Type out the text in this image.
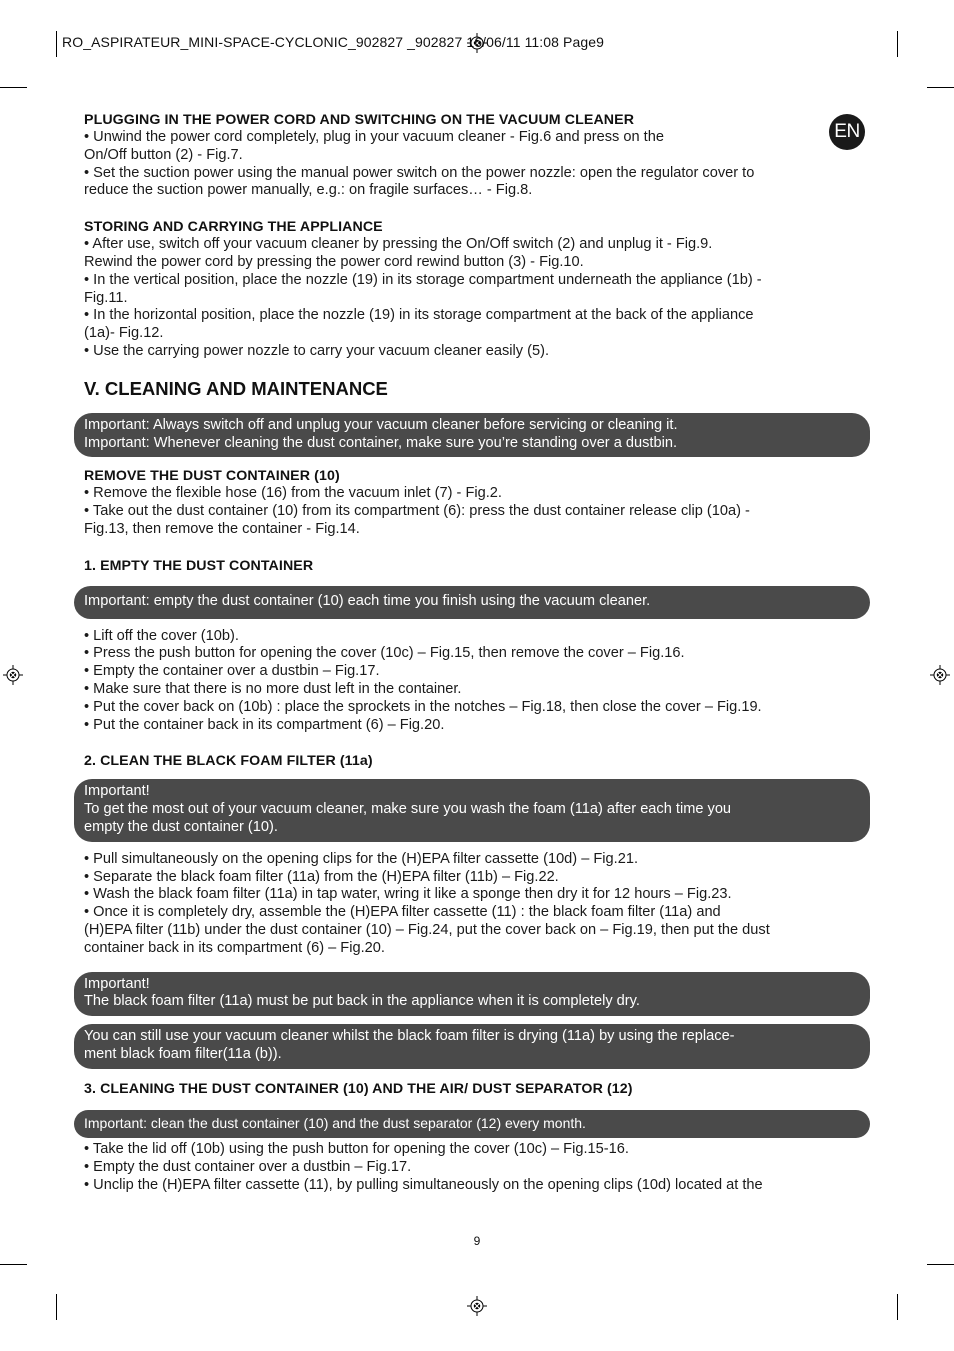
RO_ASPIRATEUR_MINI-SPACE-CYCLONIC_902827 _902827 16/06/11 11:08 Page9
EN

PLUGGING IN THE POWER CORD AND SWITCHING ON THE VACUUM CLEANER

• Unwind the power cord completely, plug in your vacuum cleaner - Fig.6 and press on the

On/Off button (2) - Fig.7.

• Set the suction power using the manual power switch on the power nozzle: open the regulator cover to

reduce the suction power manually, e.g.: on fragile surfaces… - Fig.8.

STORING AND CARRYING THE APPLIANCE

• After use, switch off your vacuum cleaner by pressing the On/Off switch (2) and unplug it - Fig.9.

Rewind the power cord by pressing the power cord rewind button (3) - Fig.10.

• In the vertical position, place the nozzle (19) in its storage compartment underneath the appliance (1b) -

Fig.11.

• In the horizontal position, place the nozzle (19) in its storage compartment at the back of the appliance

(1a)- Fig.12.

• Use the carrying power nozzle to carry your vacuum cleaner easily (5).

V. CLEANING AND MAINTENANCE

Important: Always switch off and unplug your vacuum cleaner before servicing or cleaning it.

Important: Whenever cleaning the dust container, make sure you’re standing over a dustbin.

REMOVE THE DUST CONTAINER (10)

• Remove the flexible hose (16) from the vacuum inlet (7) - Fig.2.

• Take out the dust container (10) from its compartment (6): press the dust container release clip (10a) -

Fig.13, then remove the container - Fig.14.

1. EMPTY THE DUST CONTAINER

Important: empty the dust container (10) each time you finish using the vacuum cleaner.

• Lift off the cover (10b).

• Press the push button for opening the cover (10c) – Fig.15, then remove the cover – Fig.16.

• Empty the container over a dustbin – Fig.17.

• Make sure that there is no more dust left in the container.

• Put the cover back on (10b) : place the sprockets in the notches – Fig.18, then close the cover – Fig.19.

• Put the container back in its compartment (6) – Fig.20.

2. CLEAN THE BLACK FOAM FILTER (11a)

Important!

To get the most out of your vacuum cleaner, make sure you wash the foam (11a) after each time you

empty the dust container (10).

• Pull simultaneously on the opening clips for the (H)EPA filter cassette (10d) – Fig.21.

• Separate the black foam filter (11a) from the (H)EPA filter (11b) – Fig.22.

• Wash the black foam filter (11a) in tap water, wring it like a sponge then dry it for 12 hours – Fig.23.

• Once it is completely dry, assemble the (H)EPA filter cassette (11) : the black foam filter (11a) and

(H)EPA filter (11b) under the dust container (10) – Fig.24, put the cover back on – Fig.19, then put the dust

container back in its compartment (6) – Fig.20.

Important!

The black foam filter (11a) must be put back in the appliance when it is completely dry.

You can still use your vacuum cleaner whilst the black foam filter is drying (11a) by using the replace-

ment black foam filter(11a (b)).

3. CLEANING THE DUST CONTAINER (10) AND THE AIR/ DUST SEPARATOR (12)

Important: clean the dust container (10) and the dust separator (12) every month.

• Take the lid off (10b) using the push button for opening the cover (10c) – Fig.15-16.

• Empty the dust container over a dustbin – Fig.17.

• Unclip the (H)EPA filter cassette (11), by pulling simultaneously on the opening clips (10d) located at the

9
